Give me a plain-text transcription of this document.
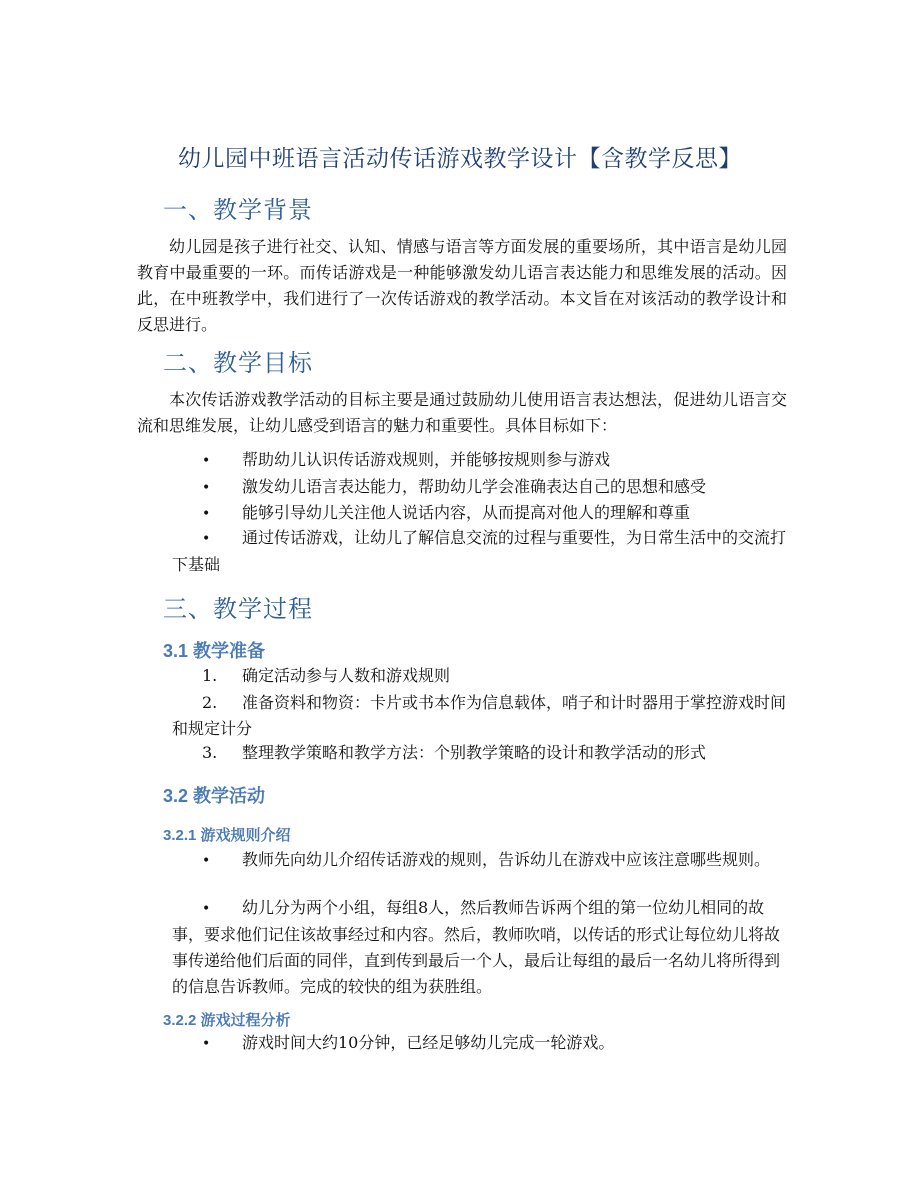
幼儿园中班语言活动传话游戏教学设计【含教学反思】
一、教学背景

幼儿园是孩子进行社交、认知、情感与语言等方面发展的重要场所，其中语言是幼儿园教育中最重要的一环。而传话游戏是一种能够激发幼儿语言表达能力和思维发展的活动。因此，在中班教学中，我们进行了一次传话游戏的教学活动。本文旨在对该活动的教学设计和反思进行。

二、教学目标

本次传话游戏教学活动的目标主要是通过鼓励幼儿使用语言表达想法，促进幼儿语言交流和思维发展，让幼儿感受到语言的魅力和重要性。具体目标如下：

• 帮助幼儿认识传话游戏规则，并能够按规则参与游戏

• 激发幼儿语言表达能力，帮助幼儿学会准确表达自己的思想和感受

• 能够引导幼儿关注他人说话内容，从而提高对他人的理解和尊重

• 通过传话游戏，让幼儿了解信息交流的过程与重要性，为日常生活中的交流打下基础

三、教学过程
3.1 教学准备

1. 确定活动参与人数和游戏规则

2. 准备资料和物资：卡片或书本作为信息载体，哨子和计时器用于掌控游戏时间和规定计分

3. 整理教学策略和教学方法：个别教学策略的设计和教学活动的形式

3.2 教学活动
3.2.1 游戏规则介绍

• 教师先向幼儿介绍传话游戏的规则，告诉幼儿在游戏中应该注意哪些规则。

• 幼儿分为两个小组，每组8人，然后教师告诉两个组的第一位幼儿相同的故事，要求他们记住该故事经过和内容。然后，教师吹哨，以传话的形式让每位幼儿将故事传递给他们后面的同伴，直到传到最后一个人，最后让每组的最后一名幼儿将所得到的信息告诉教师。完成的较快的组为获胜组。

3.2.2 游戏过程分析

• 游戏时间大约10分钟，已经足够幼儿完成一轮游戏。
